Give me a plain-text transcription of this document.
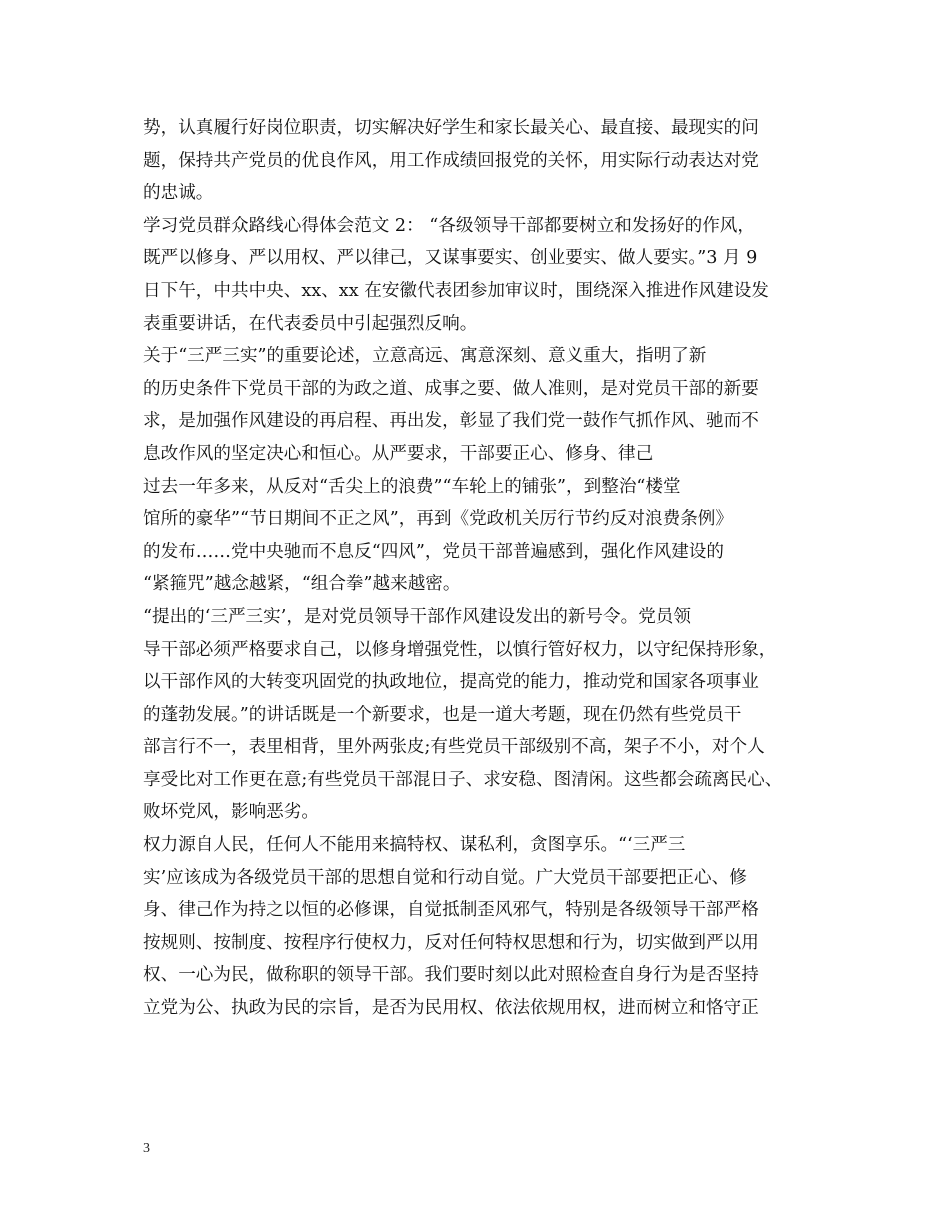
势，认真履行好岗位职责，切实解决好学生和家长最关心、最直接、最现实的问
题，保持共产党员的优良作风，用工作成绩回报党的关怀，用实际行动表达对党
的忠诚。
学习党员群众路线心得体会范文 2： “各级领导干部都要树立和发扬好的作风，
既严以修身、严以用权、严以律己，又谋事要实、创业要实、做人要实。”3 月 9
日下午，中共中央、xx、xx 在安徽代表团参加审议时，围绕深入推进作风建设发
表重要讲话，在代表委员中引起强烈反响。
关于“三严三实”的重要论述，立意高远、寓意深刻、意义重大，指明了新
的历史条件下党员干部的为政之道、成事之要、做人准则，是对党员干部的新要
求，是加强作风建设的再启程、再出发，彰显了我们党一鼓作气抓作风、驰而不
息改作风的坚定决心和恒心。从严要求，干部要正心、修身、律己
过去一年多来，从反对“舌尖上的浪费”“车轮上的铺张”，到整治“楼堂
馆所的豪华”“节日期间不正之风”，再到《党政机关厉行节约反对浪费条例》
的发布……党中央驰而不息反“四风”，党员干部普遍感到，强化作风建设的
“紧箍咒”越念越紧，“组合拳”越来越密。
“提出的‘三严三实’，是对党员领导干部作风建设发出的新号令。党员领
导干部必须严格要求自己，以修身增强党性，以慎行管好权力，以守纪保持形象，
以干部作风的大转变巩固党的执政地位，提高党的能力，推动党和国家各项事业
的蓬勃发展。”的讲话既是一个新要求，也是一道大考题，现在仍然有些党员干
部言行不一，表里相背，里外两张皮;有些党员干部级别不高，架子不小，对个人
享受比对工作更在意;有些党员干部混日子、求安稳、图清闲。这些都会疏离民心、
败坏党风，影响恶劣。
权力源自人民，任何人不能用来搞特权、谋私利，贪图享乐。“‘三严三
实’应该成为各级党员干部的思想自觉和行动自觉。广大党员干部要把正心、修
身、律己作为持之以恒的必修课，自觉抵制歪风邪气，特别是各级领导干部严格
按规则、按制度、按程序行使权力，反对任何特权思想和行为，切实做到严以用
权、一心为民，做称职的领导干部。我们要时刻以此对照检查自身行为是否坚持
立党为公、执政为民的宗旨，是否为民用权、依法依规用权，进而树立和恪守正
3
